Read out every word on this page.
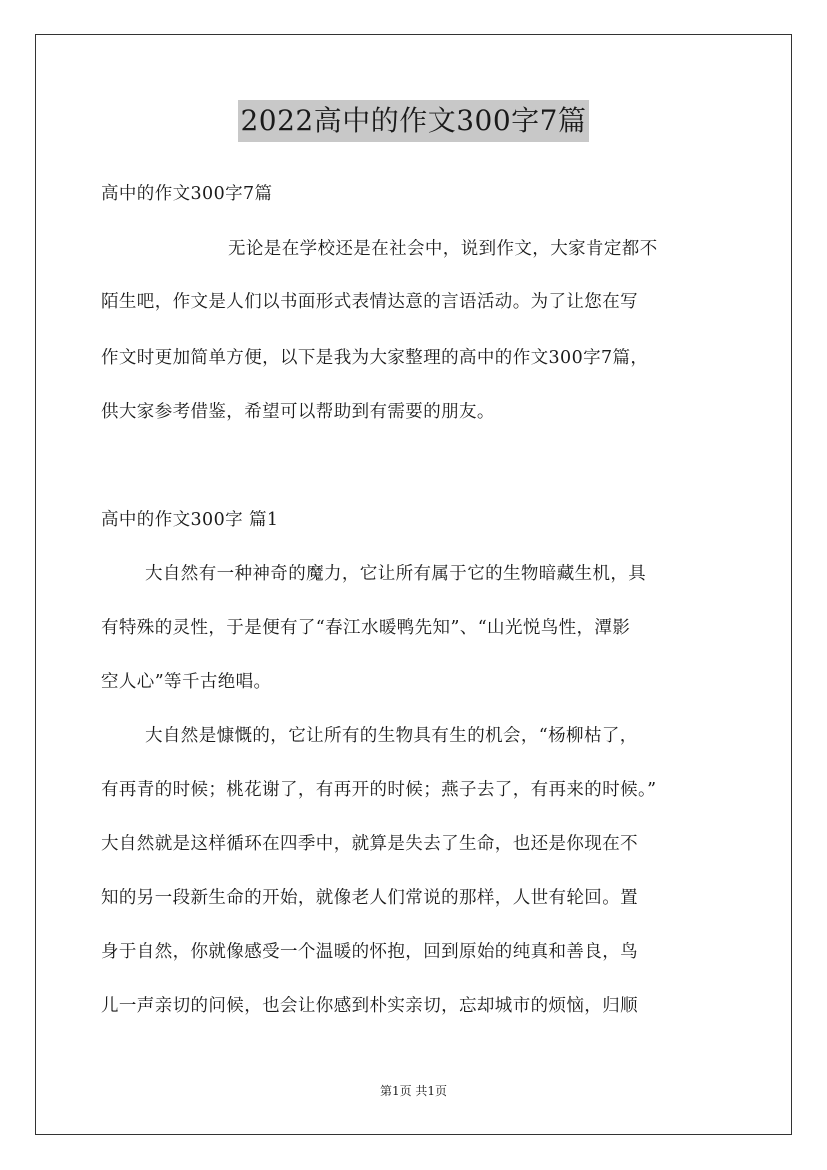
2022高中的作文300字7篇
高中的作文300字7篇
无论是在学校还是在社会中，说到作文，大家肯定都不
陌生吧，作文是人们以书面形式表情达意的言语活动。为了让您在写
作文时更加简单方便，以下是我为大家整理的高中的作文300字7篇，
供大家参考借鉴，希望可以帮助到有需要的朋友。
高中的作文300字 篇1
大自然有一种神奇的魔力，它让所有属于它的生物暗藏生机，具
有特殊的灵性，于是便有了“春江水暖鸭先知”、“山光悦鸟性，潭影
空人心”等千古绝唱。
大自然是慷慨的，它让所有的生物具有生的机会，“杨柳枯了，
有再青的时候；桃花谢了，有再开的时候；燕子去了，有再来的时候。”
大自然就是这样循环在四季中，就算是失去了生命，也还是你现在不
知的另一段新生命的开始，就像老人们常说的那样，人世有轮回。置
身于自然，你就像感受一个温暖的怀抱，回到原始的纯真和善良，鸟
儿一声亲切的问候，也会让你感到朴实亲切，忘却城市的烦恼，归顺
第1页 共1页
